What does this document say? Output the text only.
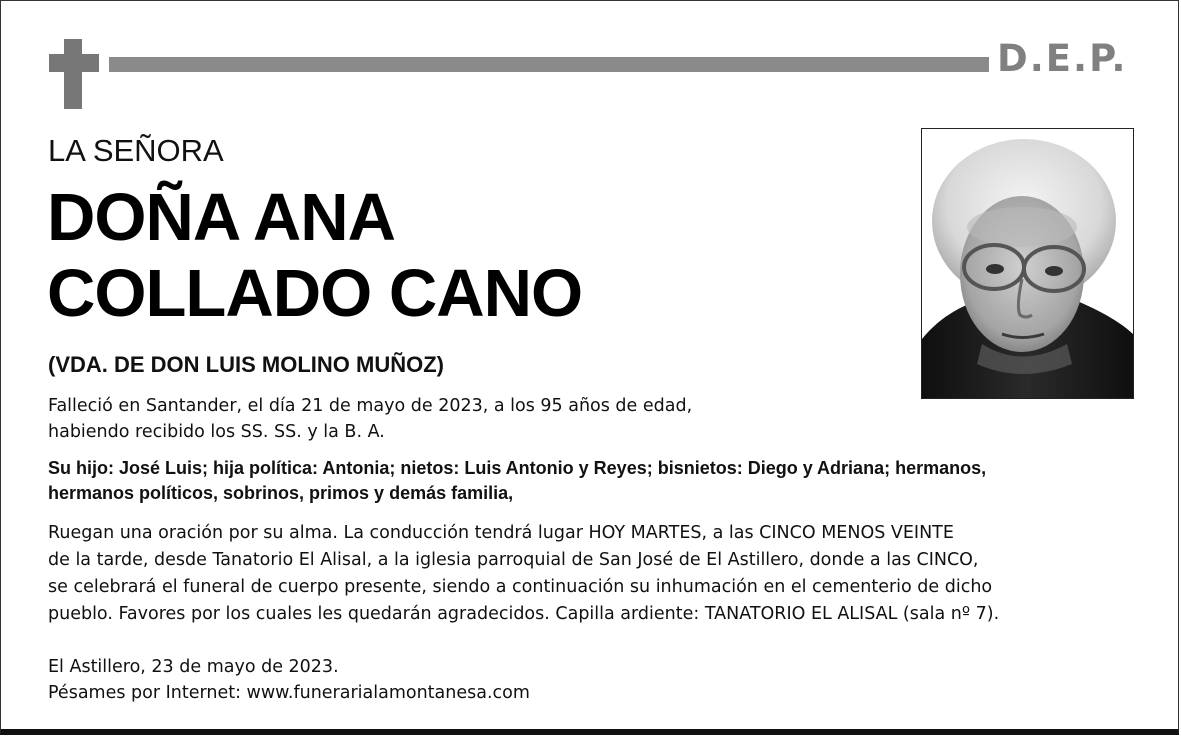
D.E.P.
LA SEÑORA
DOÑA ANA
COLLADO CANO
(VDA. DE DON LUIS MOLINO MUÑOZ)
Falleció en Santander, el día 21 de mayo de 2023, a los 95 años de edad,
habiendo recibido los SS. SS. y la B. A.
Su hijo: José Luis; hija política: Antonia; nietos: Luis Antonio y Reyes; bisnietos: Diego y Adriana; hermanos,
hermanos políticos, sobrinos, primos y demás familia,
Ruegan una oración por su alma. La conducción tendrá lugar HOY MARTES, a las CINCO MENOS VEINTE
de la tarde, desde Tanatorio El Alisal, a la iglesia parroquial de San José de El Astillero, donde a las CINCO,
se celebrará el funeral de cuerpo presente, siendo a continuación su inhumación en el cementerio de dicho
pueblo. Favores por los cuales les quedarán agradecidos. Capilla ardiente: TANATORIO EL ALISAL (sala nº 7).
El Astillero, 23 de mayo de 2023.
Pésames por Internet: www.funerarialamontanesa.com
